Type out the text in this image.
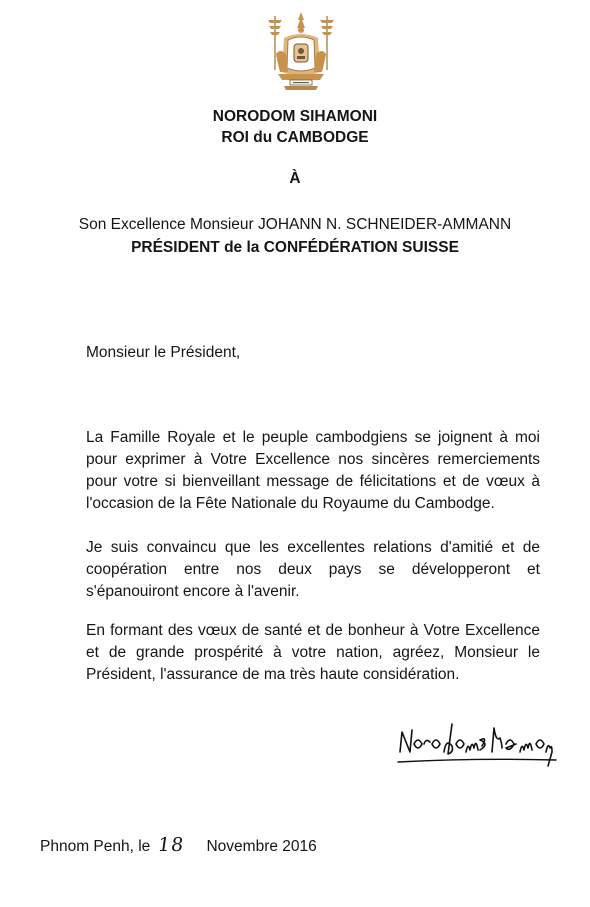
NORODOM SIHAMONI
ROI du CAMBODGE
À
Son Excellence Monsieur JOHANN N. SCHNEIDER-AMMANN
PRÉSIDENT de la CONFÉDÉRATION SUISSE
Monsieur le Président,
La Famille Royale et le peuple cambodgiens se joignent à moi pour exprimer à Votre Excellence nos sincères remerciements pour votre si bienveillant message de félicitations et de vœux à l'occasion de la Fête Nationale du Royaume du Cambodge.
Je suis convaincu que les excellentes relations d'amitié et de coopération entre nos deux pays se développeront et s'épanouiront encore à l'avenir.
En formant des vœux de santé et de bonheur à Votre Excellence et de grande prospérité à votre nation, agréez, Monsieur le Président, l'assurance de ma très haute considération.
Phnom Penh, le 18 Novembre 2016
